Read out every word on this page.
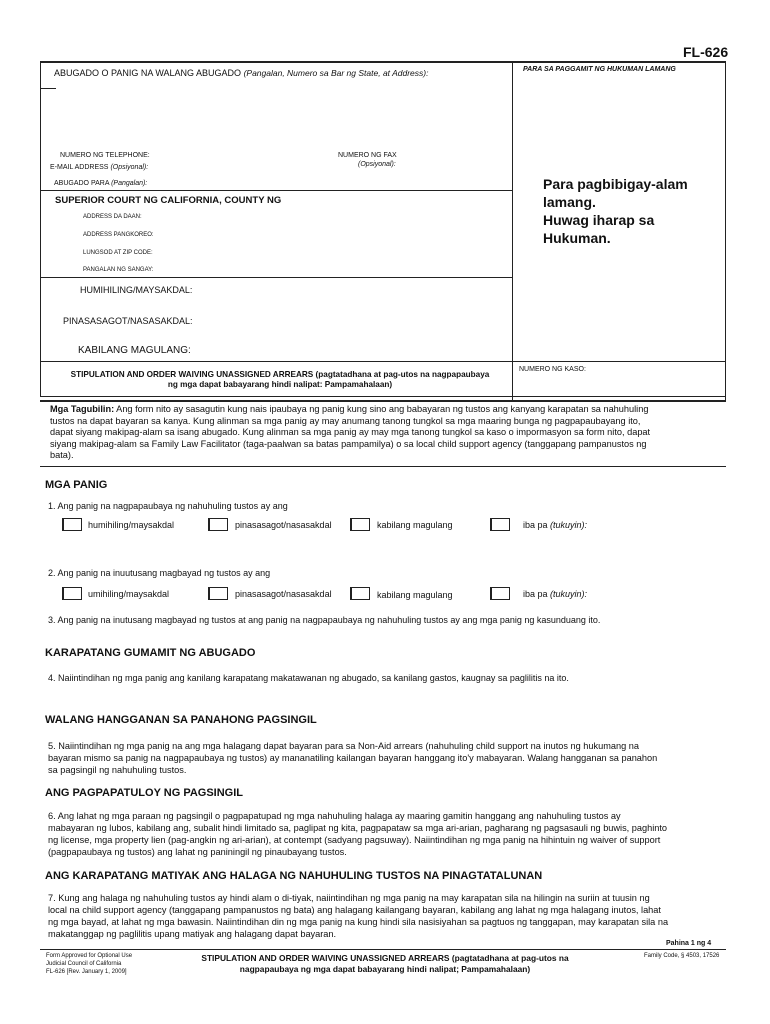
FL-626
ABUGADO O PANIG NA WALANG ABUGADO (Pangalan, Numero sa Bar ng State, at Address):	PARA SA PAGGAMIT NG HUKUMAN LAMANG
NUMERO NG TELEPHONE:	NUMERO NG FAX
(Opsiyonal):
E-MAIL ADDRESS (Opsiyonal):
ABUGADO PARA (Pangalan):
SUPERIOR COURT NG CALIFORNIA, COUNTY NG
ADDRESS DA DAAN:
ADDRESS PANGKOREO:
LUNGSOD AT ZIP CODE:
PANGALAN NG SANGAY:
HUMIHILING/MAYSAKDAL:
PINASASAGOT/NASASAKDAL:
KABILANG MAGULANG:
Para pagbibigay-alam
lamang.
Huwag iharap sa
Hukuman.
STIPULATION AND ORDER WAIVING UNASSIGNED ARREARS (pagtatadhana at pag-utos na nagpapaubaya
ng mga dapat babayarang hindi nalipat: Pampamahalaan)
NUMERO NG KASO:
Mga Tagubilin: Ang form nito ay sasagutin kung nais ipaubaya ng panig kung sino ang babayaran ng tustos ang kanyang karapatan sa nahuhuling
tustos na dapat bayaran sa kanya. Kung alinman sa mga panig ay may anumang tanong tungkol sa mga maaring bunga ng pagpapaubayang ito,
dapat siyang makipag-alam sa isang abugado. Kung alinman sa mga panig ay may mga tanong tungkol sa kaso o impormasyon sa form nito, dapat
siyang makipag-alam sa Family Law Facilitator (taga-paalwan sa batas pampamilya) o sa local child support agency (tanggapang pampanustos ng
bata).
MGA PANIG
1. Ang panig na nagpapaubaya ng nahuhuling tustos ay ang
humihiling/maysakdal	pinasasagot/nasasakdal	kabilang magulang	iba pa (tukuyin):
2. Ang panig na inuutusang magbayad ng tustos ay ang
umihiling/maysakdal	pinasasagot/nasasakdal	kabilang magulang	iba pa (tukuyin):
3. Ang panig na inutusang magbayad ng tustos at ang panig na nagpapaubaya ng nahuhuling tustos ay ang mga panig ng kasunduang ito.
KARAPATANG GUMAMIT NG ABUGADO
4. Naiintindihan ng mga panig ang kanilang karapatang makatawanan ng abugado, sa kanilang gastos, kaugnay sa paglilitis na ito.
WALANG HANGGANAN SA PANAHONG PAGSINGIL
5. Naiintindihan ng mga panig na ang mga halagang dapat bayaran para sa Non-Aid arrears (nahuhuling child support na inutos ng hukumang na
bayaran mismo sa panig na nagpapaubaya ng tustos) ay mananatiling kailangan bayaran hanggang ito'y mabayaran. Walang hangganan sa panahon
sa pagsingil ng nahuhuling tustos.
ANG PAGPAPATULOY NG PAGSINGIL
6. Ang lahat ng mga paraan ng pagsingil o pagpapatupad ng mga nahuhuling halaga ay maaring gamitin hanggang ang nahuhuling tustos ay
mabayaran ng lubos, kabilang ang, subalit hindi limitado sa, paglipat ng kita, pagpapataw sa mga ari-arian, pagharang ng pagsasauli ng buwis, paghinto
ng license, mga property lien (pag-angkin ng ari-arian), at contempt (sadyang pagsuway). Naiintindihan ng mga panig na hihintuin ng waiver of support
(pagpapaubaya ng tustos) ang lahat ng paniningil ng pinaubayang tustos.
ANG KARAPATANG MATIYAK ANG HALAGA NG NAHUHULING TUSTOS NA PINAGTATALUNAN
7. Kung ang halaga ng nahuhuling tustos ay hindi alam o di-tiyak, naiintindihan ng mga panig na may karapatan sila na hilingin na suriin at tuusin ng
local na child support agency (tanggapang pampanustos ng bata) ang halagang kailangang bayaran, kabilang ang lahat ng mga halagang inutos, lahat
ng mga bayad, at lahat ng mga bawasin. Naiintindihan din ng mga panig na kung hindi sila nasisiyahan sa pagtuos ng tanggapan, may karapatan sila na
makatanggap ng paglilitis upang matiyak ang halagang dapat bayaran.
Pahina 1 ng 4
Form Approved for Optional Use
Judicial Council of California
FL-626 [Rev. January 1, 2009]
STIPULATION AND ORDER WAIVING UNASSIGNED ARREARS (pagtatadhana at pag-utos na
nagpapaubaya ng mga dapat babayarang hindi nalipat; Pampamahalaan)
Family Code, § 4503, 17526
